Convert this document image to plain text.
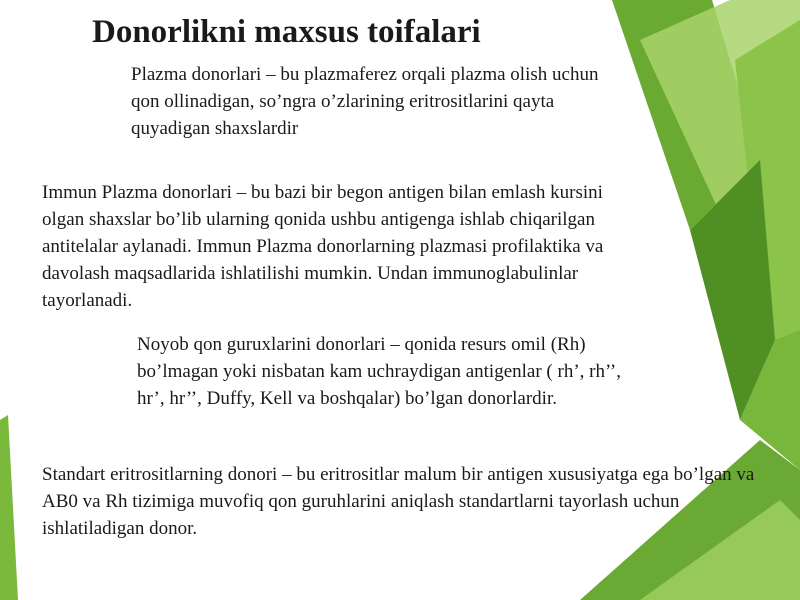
Donorlikni maxsus toifalari

Plazma donorlari – bu plazmaferez orqali plazma olish uchun qon ollinadigan, so’ngra o’zlarining eritrositlarini qayta quyadigan shaxslardir

Immun Plazma donorlari – bu bazi bir begon antigen bilan emlash kursini olgan shaxslar bo’lib ularning qonida ushbu antigenga ishlab chiqarilgan antitelalar aylanadi. Immun Plazma donorlarning plazmasi profilaktika va davolash maqsadlarida ishlatilishi mumkin. Undan immunoglabulinlar tayorlanadi.

Noyob qon guruxlarini donorlari – qonida resurs omil (Rh) bo’lmagan yoki nisbatan kam uchraydigan antigenlar ( rh’, rh’’, hr’, hr’’, Duffy, Kell va boshqalar) bo’lgan donorlardir.

Standart eritrositlarning donori – bu eritrositlar malum bir antigen xususiyatga ega bo’lgan va AB0 va Rh tizimiga muvofiq qon guruhlarini aniqlash standartlarni tayorlash uchun ishlatiladigan donor.
